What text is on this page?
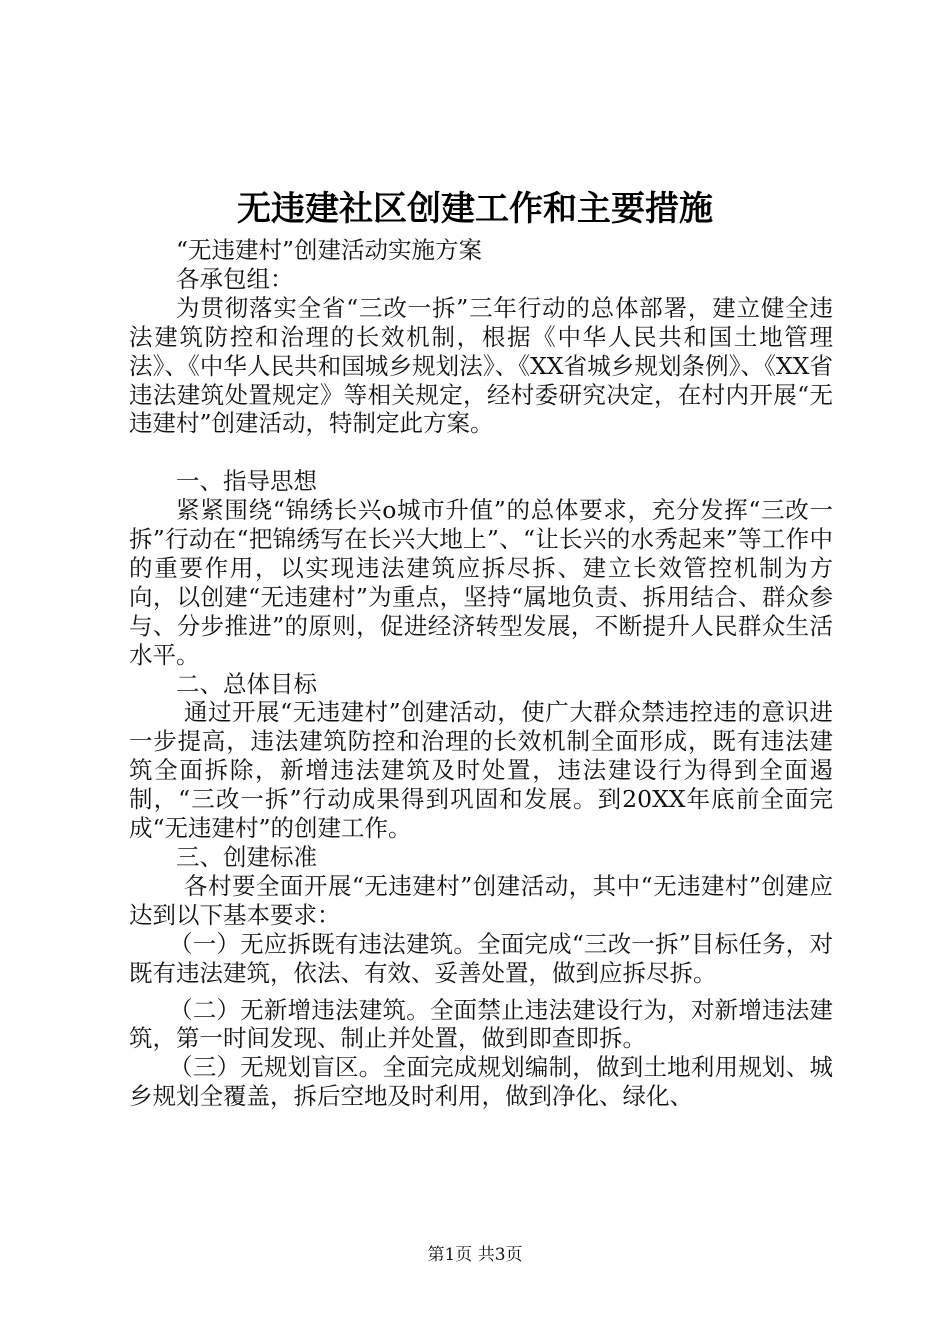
无违建社区创建工作和主要措施

“无违建村”创建活动实施方案

各承包组：

为贯彻落实全省“三改一拆”三年行动的总体部署，建立健全违法建筑防控和治理的长效机制，根据《中华人民共和国土地管理法》、《中华人民共和国城乡规划法》、《XX省城乡规划条例》、《XX省违法建筑处置规定》等相关规定，经村委研究决定，在村内开展“无违建村”创建活动，特制定此方案。

一、指导思想

紧紧围绕“锦绣长兴o城市升值”的总体要求，充分发挥“三改一拆”行动在“把锦绣写在长兴大地上”、“让长兴的水秀起来”等工作中的重要作用，以实现违法建筑应拆尽拆、建立长效管控机制为方向，以创建“无违建村”为重点，坚持“属地负责、拆用结合、群众参与、分步推进”的原则，促进经济转型发展，不断提升人民群众生活水平。

二、总体目标

通过开展“无违建村”创建活动，使广大群众禁违控违的意识进一步提高，违法建筑防控和治理的长效机制全面形成，既有违法建筑全面拆除，新增违法建筑及时处置，违法建设行为得到全面遏制，“三改一拆”行动成果得到巩固和发展。到20XX年底前全面完成“无违建村”的创建工作。

三、创建标准

各村要全面开展“无违建村”创建活动，其中“无违建村”创建应达到以下基本要求：

（一）无应拆既有违法建筑。全面完成“三改一拆”目标任务，对既有违法建筑，依法、有效、妥善处置，做到应拆尽拆。

（二）无新增违法建筑。全面禁止违法建设行为，对新增违法建筑，第一时间发现、制止并处置，做到即查即拆。

（三）无规划盲区。全面完成规划编制，做到土地利用规划、城乡规划全覆盖，拆后空地及时利用，做到净化、绿化、

第1页 共3页
